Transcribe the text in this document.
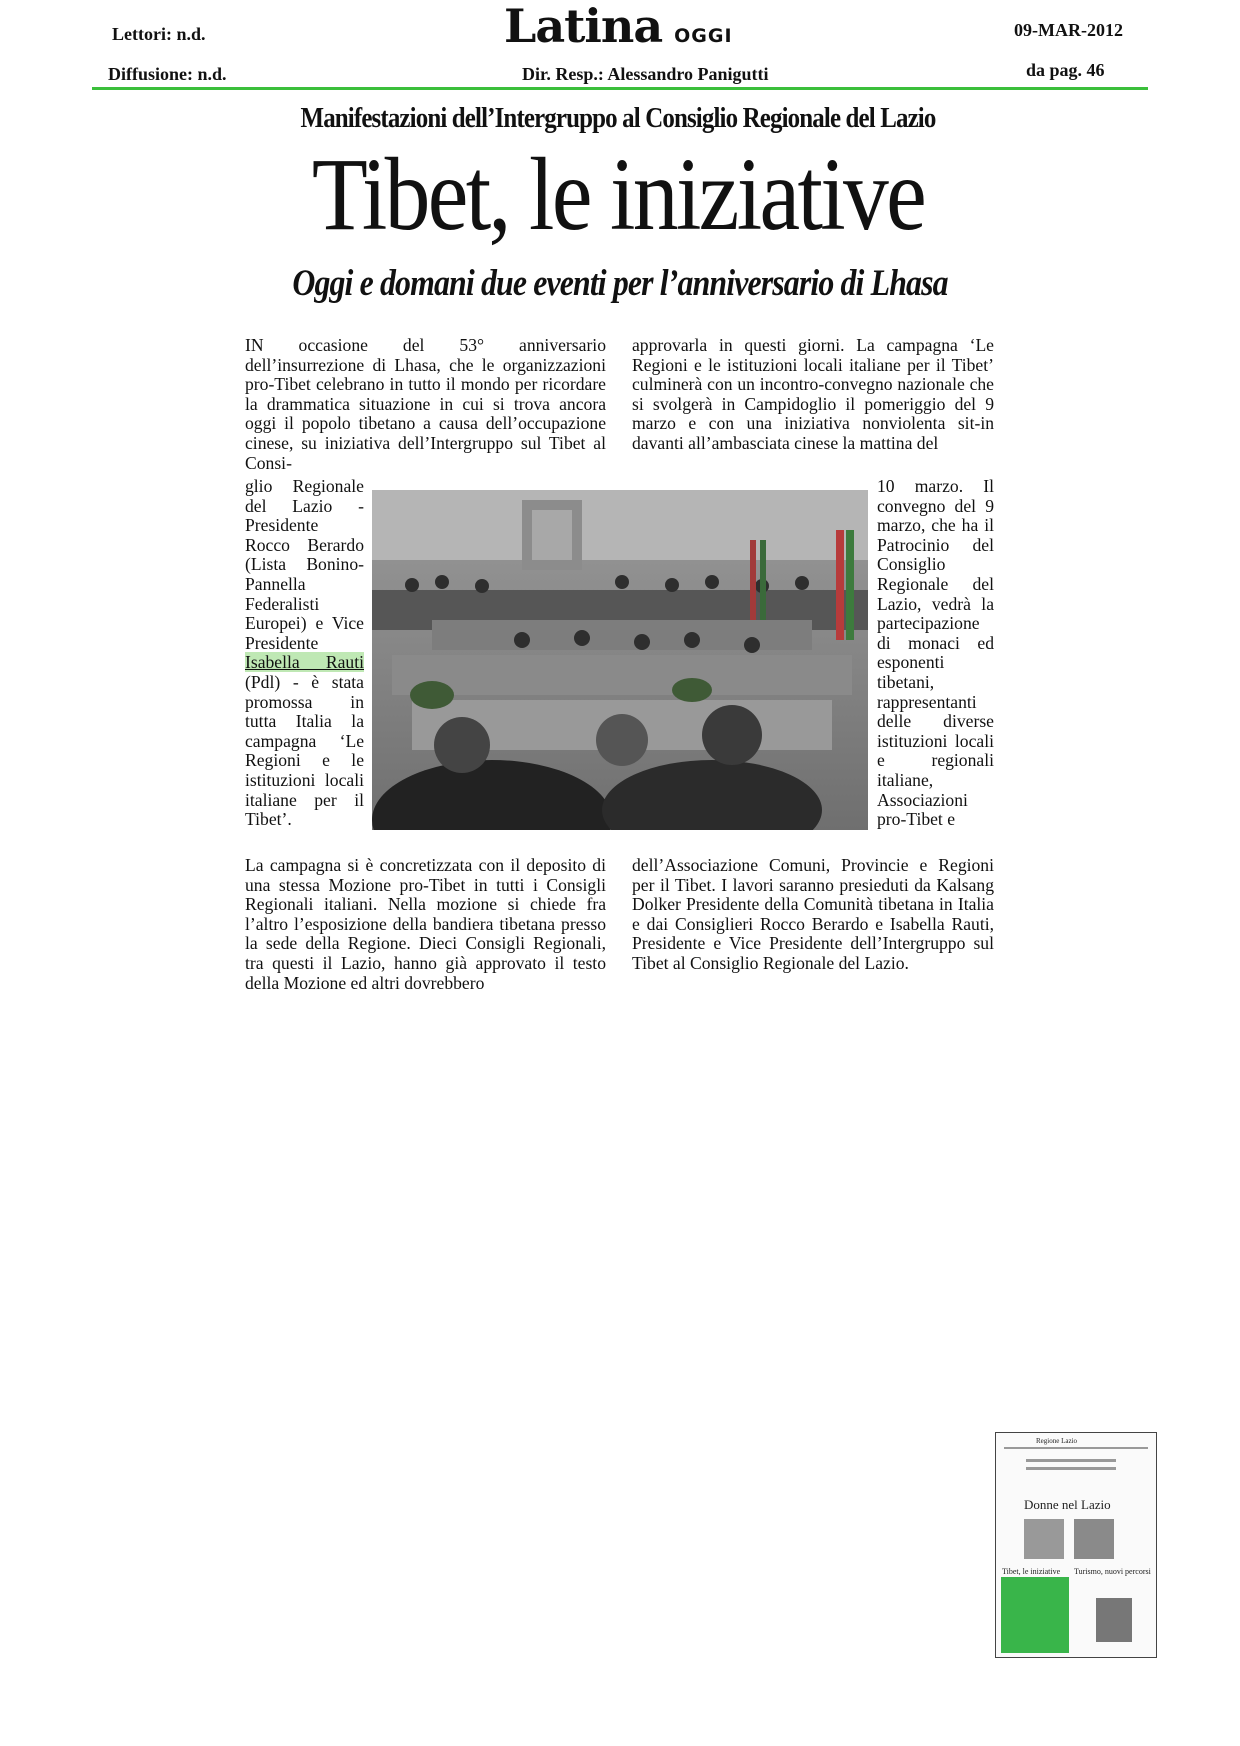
Lettori: n.d.
Diffusione: n.d.
Latina OGGI
Dir. Resp.: Alessandro Panigutti
09-MAR-2012
da pag. 46
Manifestazioni dell’Intergruppo al Consiglio Regionale del Lazio
Tibet, le iniziative
Oggi e domani due eventi per l’anniversario di Lhasa

IN occasione del 53° anniversario dell’insurrezione di Lhasa, che le organizzazioni pro-Tibet celebrano in tutto il mondo per ricordare la drammatica situazione in cui si trova ancora oggi il popolo tibetano a causa dell’occupazione cinese, su iniziativa dell’Intergruppo sul Tibet al Consi-

glio Regionale del Lazio - Presidente Rocco Berardo (Lista Bonino-Pannella Federalisti Europei) e Vice Presidente Isabella Rauti (Pdl) - è stata promossa in tutta Italia la campagna ‘Le Regioni e le istituzioni locali italiane per il Tibet’.

La campagna si è concretizzata con il deposito di una stessa Mozione pro-Tibet in tutti i Consigli Regionali italiani. Nella mozione si chiede fra l’altro l’esposizione della bandiera tibetana presso la sede della Regione. Dieci Consigli Regionali, tra questi il Lazio, hanno già approvato il testo della Mozione ed altri dovrebbero

approvarla in questi giorni. La campagna ‘Le Regioni e le istituzioni locali italiane per il Tibet’ culminerà con un incontro-convegno nazionale che si svolgerà in Campidoglio il pomeriggio del 9 marzo e con una iniziativa nonviolenta sit-in davanti all’ambasciata cinese la mattina del

10 marzo. Il convegno del 9 marzo, che ha il Patrocinio del Consiglio Regionale del Lazio, vedrà la partecipazione di monaci ed esponenti tibetani, rappresentanti delle diverse istituzioni locali e regionali italiane, Associazioni pro-Tibet e

dell’Associazione Comuni, Provincie e Regioni per il Tibet. I lavori saranno presieduti da Kalsang Dolker Presidente della Comunità tibetana in Italia e dai Consiglieri Rocco Berardo e Isabella Rauti, Presidente e Vice Presidente dell’Intergruppo sul Tibet al Consiglio Regionale del Lazio.

Regione Lazio
Donne nel Lazio
Tibet, le iniziative Turismo, nuovi percorsi
